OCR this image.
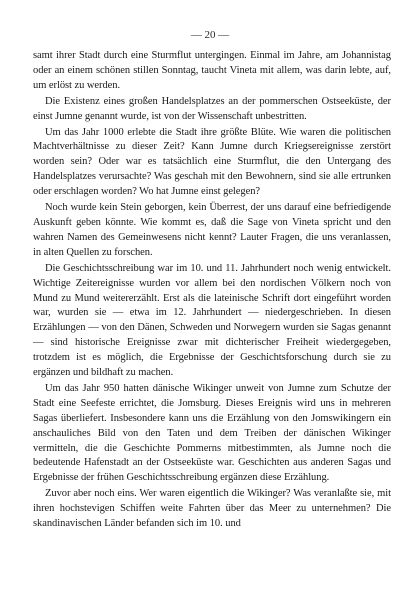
— 20 —

samt ihrer Stadt durch eine Sturmflut untergingen. Einmal im Jahre, am Johannistag oder an einem schönen stillen Sonntag, taucht Vineta mit allem, was darin lebte, auf, um erlöst zu werden.

Die Existenz eines großen Handelsplatzes an der pommerschen Ostseeküste, der einst Jumne genannt wurde, ist von der Wissenschaft unbestritten.

Um das Jahr 1000 erlebte die Stadt ihre größte Blüte. Wie waren die politischen Machtverhältnisse zu dieser Zeit? Kann Jumne durch Kriegsereignisse zerstört worden sein? Oder war es tatsächlich eine Sturmflut, die den Untergang des Handelsplatzes verursachte? Was geschah mit den Bewohnern, sind sie alle ertrunken oder erschlagen worden? Wo hat Jumne einst gelegen?

Noch wurde kein Stein geborgen, kein Überrest, der uns darauf eine befriedigende Auskunft geben könnte. Wie kommt es, daß die Sage von Vineta spricht und den wahren Namen des Gemeinwesens nicht kennt? Lauter Fragen, die uns veranlassen, in alten Quellen zu forschen.

Die Geschichtsschreibung war im 10. und 11. Jahrhundert noch wenig entwickelt. Wichtige Zeitereignisse wurden vor allem bei den nordischen Völkern noch von Mund zu Mund weitererzählt. Erst als die lateinische Schrift dort eingeführt worden war, wurden sie — etwa im 12. Jahrhundert — niedergeschrieben. In diesen Erzählungen — von den Dänen, Schweden und Norwegern wurden sie Sagas genannt — sind historische Ereignisse zwar mit dichterischer Freiheit wiedergegeben, trotzdem ist es möglich, die Ergebnisse der Geschichtsforschung durch sie zu ergänzen und bildhaft zu machen.

Um das Jahr 950 hatten dänische Wikinger unweit von Jumne zum Schutze der Stadt eine Seefeste errichtet, die Jomsburg. Dieses Ereignis wird uns in mehreren Sagas überliefert. Insbesondere kann uns die Erzählung von den Jomswikingern ein anschauliches Bild von den Taten und dem Treiben der dänischen Wikinger vermitteln, die die Geschichte Pommerns mitbestimmten, als Jumne noch die bedeutende Hafenstadt an der Ostseeküste war. Geschichten aus anderen Sagas und Ergebnisse der frühen Geschichtsschreibung ergänzen diese Erzählung.

Zuvor aber noch eins. Wer waren eigentlich die Wikinger? Was veranlaßte sie, mit ihren hochstevigen Schiffen weite Fahrten über das Meer zu unternehmen? Die skandinavischen Länder befanden sich im 10. und
